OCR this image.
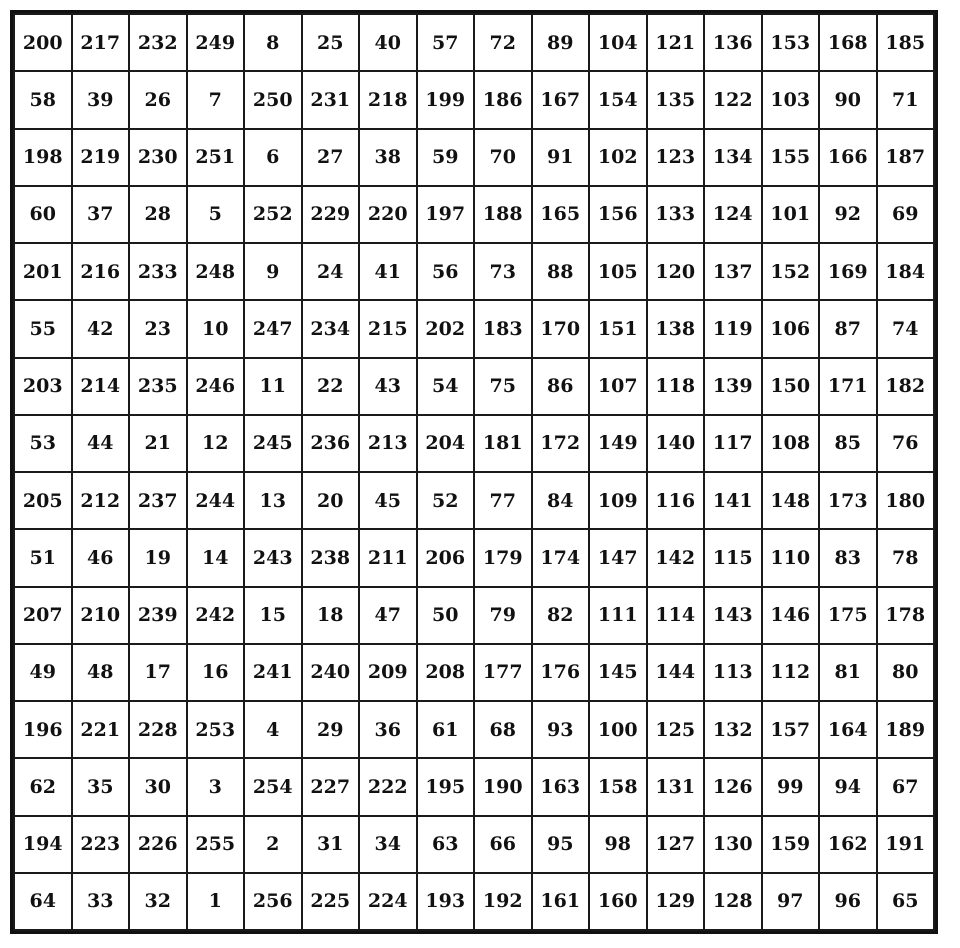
200	217	232	249	8	25	40	57	72	89	104	121	136	153	168	185
58	39	26	7	250	231	218	199	186	167	154	135	122	103	90	71
198	219	230	251	6	27	38	59	70	91	102	123	134	155	166	187
60	37	28	5	252	229	220	197	188	165	156	133	124	101	92	69
201	216	233	248	9	24	41	56	73	88	105	120	137	152	169	184
55	42	23	10	247	234	215	202	183	170	151	138	119	106	87	74
203	214	235	246	11	22	43	54	75	86	107	118	139	150	171	182
53	44	21	12	245	236	213	204	181	172	149	140	117	108	85	76
205	212	237	244	13	20	45	52	77	84	109	116	141	148	173	180
51	46	19	14	243	238	211	206	179	174	147	142	115	110	83	78
207	210	239	242	15	18	47	50	79	82	111	114	143	146	175	178
49	48	17	16	241	240	209	208	177	176	145	144	113	112	81	80
196	221	228	253	4	29	36	61	68	93	100	125	132	157	164	189
62	35	30	3	254	227	222	195	190	163	158	131	126	99	94	67
194	223	226	255	2	31	34	63	66	95	98	127	130	159	162	191
64	33	32	1	256	225	224	193	192	161	160	129	128	97	96	65
